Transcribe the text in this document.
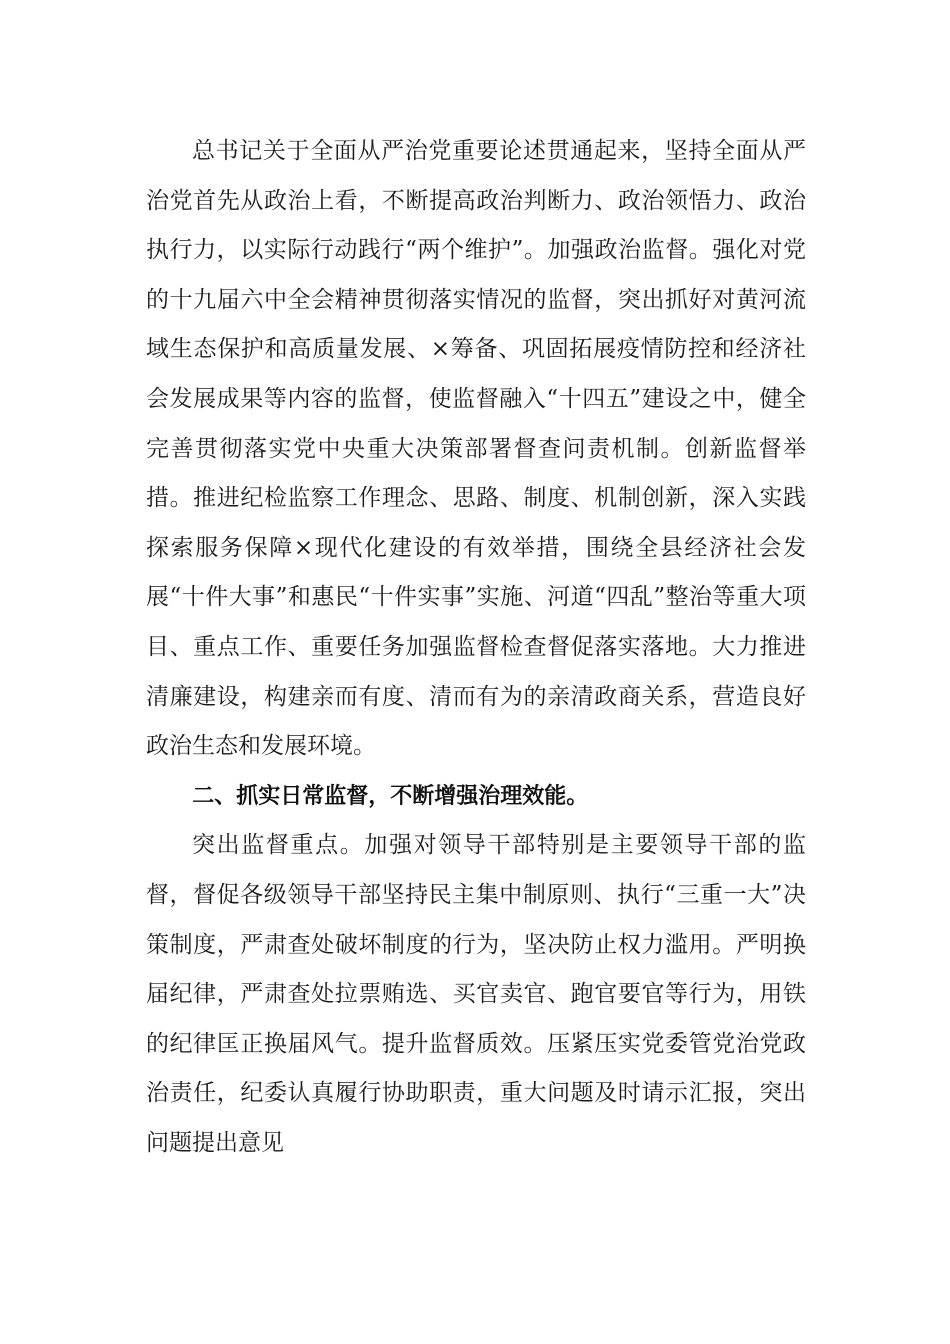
总书记关于全面从严治党重要论述贯通起来，坚持全面从严治党首先从政治上看，不断提高政治判断力、政治领悟力、政治执行力，以实际行动践行“两个维护”。加强政治监督。强化对党的十九届六中全会精神贯彻落实情况的监督，突出抓好对黄河流域生态保护和高质量发展、×筹备、巩固拓展疫情防控和经济社会发展成果等内容的监督，使监督融入“十四五”建设之中，健全完善贯彻落实党中央重大决策部署督查问责机制。创新监督举措。推进纪检监察工作理念、思路、制度、机制创新，深入实践探索服务保障×现代化建设的有效举措，围绕全县经济社会发展“十件大事”和惠民“十件实事”实施、河道“四乱”整治等重大项目、重点工作、重要任务加强监督检查督促落实落地。大力推进清廉建设，构建亲而有度、清而有为的亲清政商关系，营造良好政治生态和发展环境。

二、抓实日常监督，不断增强治理效能。

突出监督重点。加强对领导干部特别是主要领导干部的监督，督促各级领导干部坚持民主集中制原则、执行“三重一大”决策制度，严肃查处破坏制度的行为，坚决防止权力滥用。严明换届纪律，严肃查处拉票贿选、买官卖官、跑官要官等行为，用铁的纪律匡正换届风气。提升监督质效。压紧压实党委管党治党政治责任，纪委认真履行协助职责，重大问题及时请示汇报，突出问题提出意见
